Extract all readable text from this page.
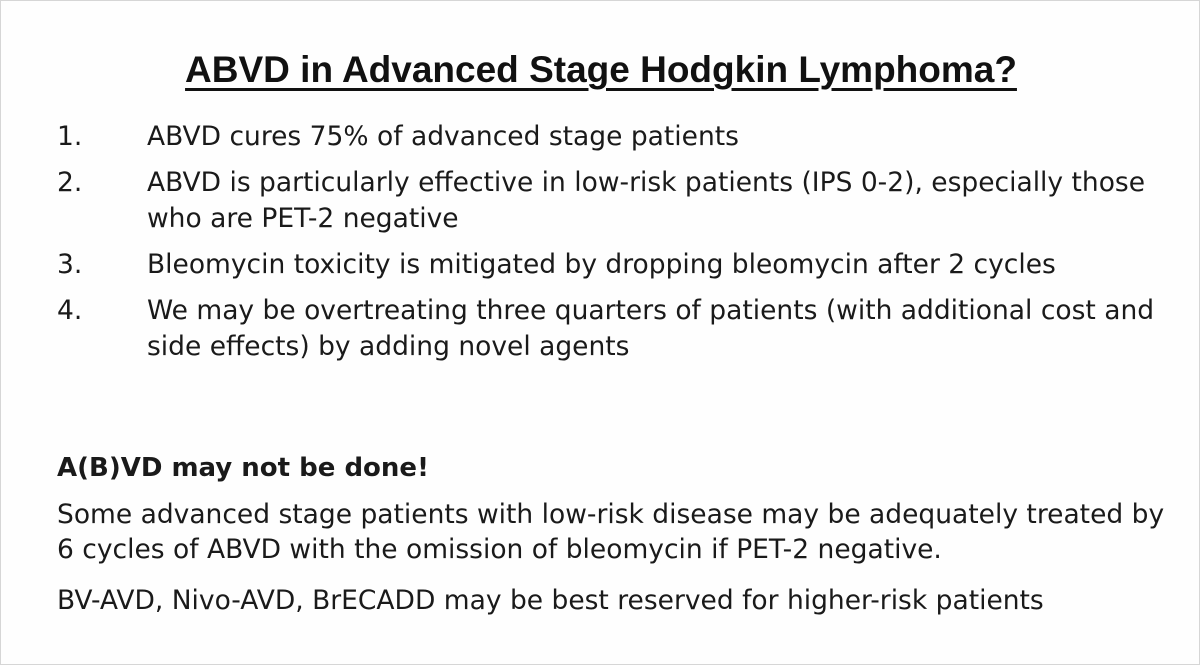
ABVD in Advanced Stage Hodgkin Lymphoma?
1.	ABVD cures 75% of advanced stage patients
2.	ABVD is particularly effective in low-risk patients (IPS 0-2), especially those who are PET-2 negative
3.	Bleomycin toxicity is mitigated by dropping bleomycin after 2 cycles
4.	We may be overtreating three quarters of patients (with additional cost and side effects) by adding novel agents
A(B)VD may not be done!
Some advanced stage patients with low-risk disease may be adequately treated by 6 cycles of ABVD with the omission of bleomycin if PET-2 negative.
BV-AVD, Nivo-AVD, BrECADD may be best reserved for higher-risk patients
